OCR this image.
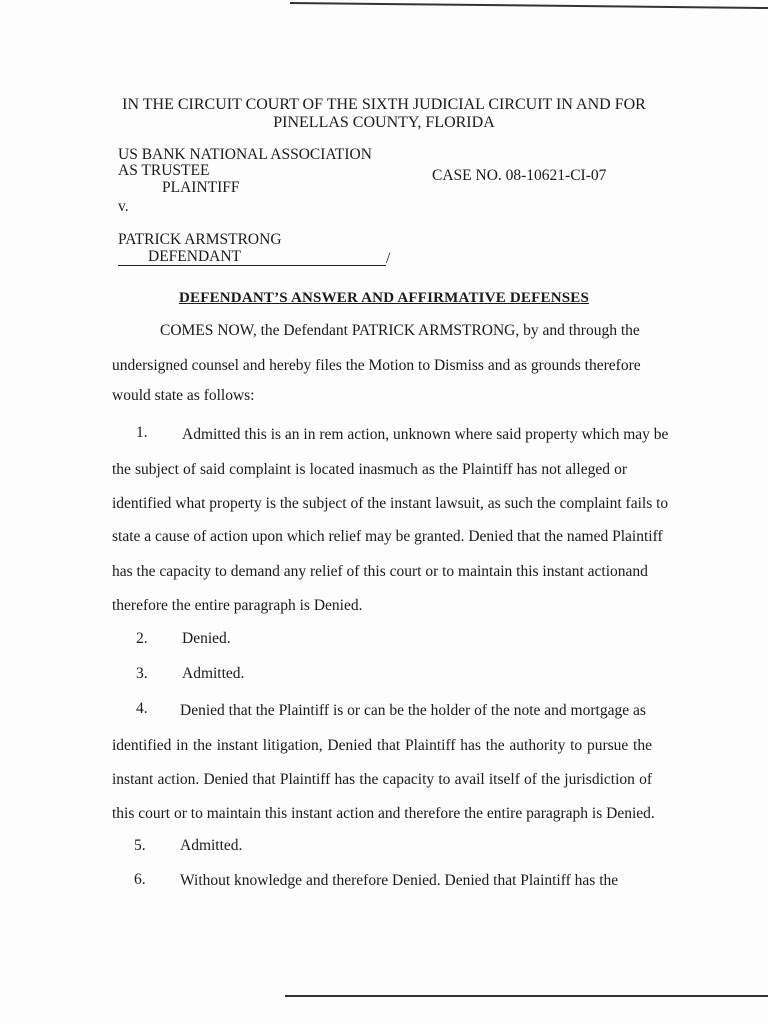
IN THE CIRCUIT COURT OF THE SIXTH JUDICIAL CIRCUIT IN AND FOR
PINELLAS COUNTY, FLORIDA
US BANK NATIONAL ASSOCIATION
AS TRUSTEE
PLAINTIFF
CASE NO. 08-10621-CI-07
v.
PATRICK ARMSTRONG
DEFENDANT	/
DEFENDANT’S ANSWER AND AFFIRMATIVE DEFENSES
COMES NOW, the Defendant PATRICK ARMSTRONG, by and through the
undersigned counsel and hereby files the Motion to Dismiss and as grounds therefore
would state as follows:
1. Admitted this is an in rem action, unknown where said property which may be
the subject of said complaint is located inasmuch as the Plaintiff has not alleged or
identified what property is the subject of the instant lawsuit, as such the complaint fails to
state a cause of action upon which relief may be granted. Denied that the named Plaintiff
has the capacity to demand any relief of this court or to maintain this instant actionand
therefore the entire paragraph is Denied.
2. Denied.
3. Admitted.
4. Denied that the Plaintiff is or can be the holder of the note and mortgage as
identified in the instant litigation, Denied that Plaintiff has the authority to pursue the
instant action. Denied that Plaintiff has the capacity to avail itself of the jurisdiction of
this court or to maintain this instant action and therefore the entire paragraph is Denied.
5. Admitted.
6. Without knowledge and therefore Denied. Denied that Plaintiff has the
